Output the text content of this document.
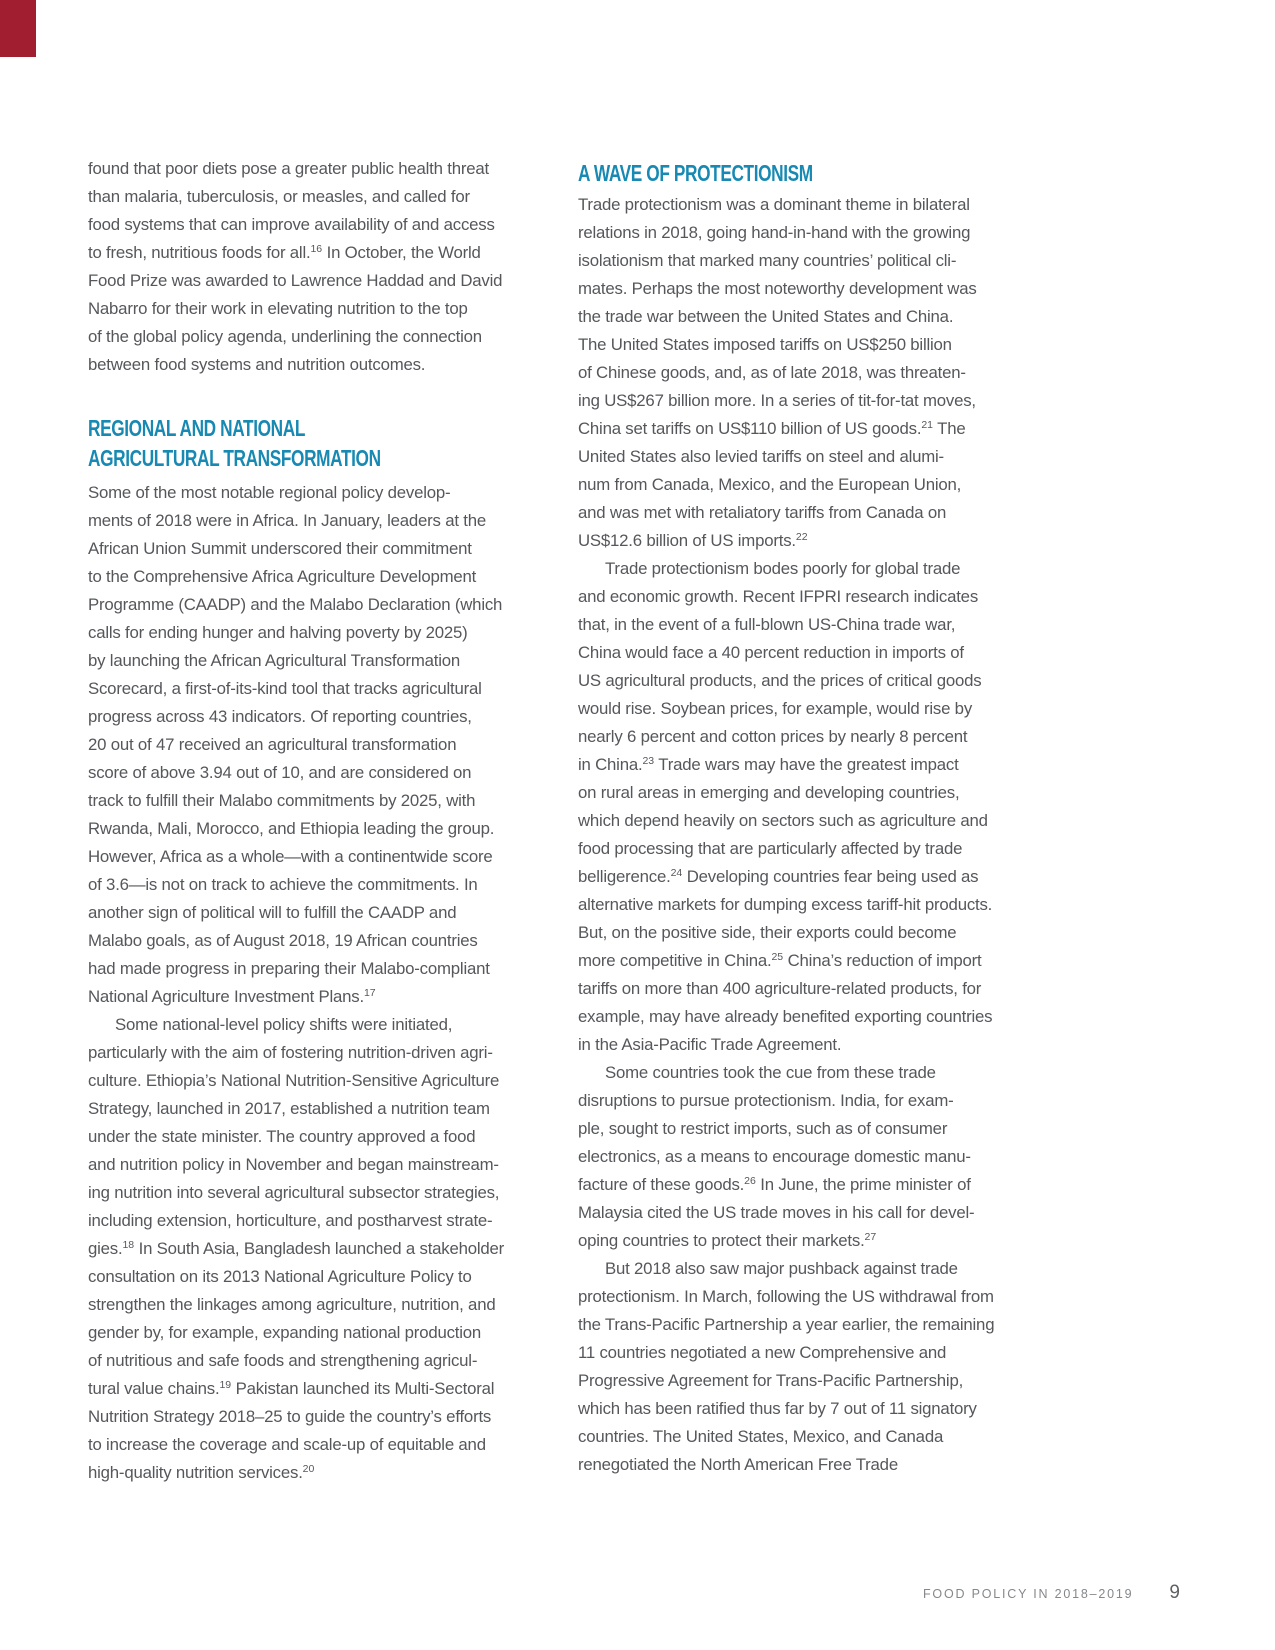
found that poor diets pose a greater public health threat
than malaria, tuberculosis, or measles, and called for
food systems that can improve availability of and access
to fresh, nutritious foods for all.$^{16}$ In October, the World
Food Prize was awarded to Lawrence Haddad and David
Nabarro for their work in elevating nutrition to the top
of the global policy agenda, underlining the connection
between food systems and nutrition outcomes.
REGIONAL AND NATIONAL
AGRICULTURAL TRANSFORMATION
Some of the most notable regional policy develop-
ments of 2018 were in Africa. In January, leaders at the
African Union Summit underscored their commitment
to the Comprehensive Africa Agriculture Development
Programme (CAADP) and the Malabo Declaration (which
calls for ending hunger and halving poverty by 2025)
by launching the African Agricultural Transformation
Scorecard, a first-of-its-kind tool that tracks agricultural
progress across 43 indicators. Of reporting countries,
20 out of 47 received an agricultural transformation
score of above 3.94 out of 10, and are considered on
track to fulfill their Malabo commitments by 2025, with
Rwanda, Mali, Morocco, and Ethiopia leading the group.
However, Africa as a whole—with a continentwide score
of 3.6—is not on track to achieve the commitments. In
another sign of political will to fulfill the CAADP and
Malabo goals, as of August 2018, 19 African countries
had made progress in preparing their Malabo-compliant
National Agriculture Investment Plans.$^{17}$
Some national-level policy shifts were initiated,
particularly with the aim of fostering nutrition-driven agri-
culture. Ethiopia’s National Nutrition-Sensitive Agriculture
Strategy, launched in 2017, established a nutrition team
under the state minister. The country approved a food
and nutrition policy in November and began mainstream-
ing nutrition into several agricultural subsector strategies,
including extension, horticulture, and postharvest strate-
gies.$^{18}$ In South Asia, Bangladesh launched a stakeholder
consultation on its 2013 National Agriculture Policy to
strengthen the linkages among agriculture, nutrition, and
gender by, for example, expanding national production
of nutritious and safe foods and strengthening agricul-
tural value chains.$^{19}$ Pakistan launched its Multi-Sectoral
Nutrition Strategy 2018–25 to guide the country’s efforts
to increase the coverage and scale-up of equitable and
high-quality nutrition services.$^{20}$
A WAVE OF PROTECTIONISM
Trade protectionism was a dominant theme in bilateral
relations in 2018, going hand-in-hand with the growing
isolationism that marked many countries’ political cli-
mates. Perhaps the most noteworthy development was
the trade war between the United States and China.
The United States imposed tariffs on US$250 billion
of Chinese goods, and, as of late 2018, was threaten-
ing US$267 billion more. In a series of tit-for-tat moves,
China set tariffs on US$110 billion of US goods.$^{21}$ The
United States also levied tariffs on steel and alumi-
num from Canada, Mexico, and the European Union,
and was met with retaliatory tariffs from Canada on
US$12.6 billion of US imports.$^{22}$
Trade protectionism bodes poorly for global trade
and economic growth. Recent IFPRI research indicates
that, in the event of a full-blown US-China trade war,
China would face a 40 percent reduction in imports of
US agricultural products, and the prices of critical goods
would rise. Soybean prices, for example, would rise by
nearly 6 percent and cotton prices by nearly 8 percent
in China.$^{23}$ Trade wars may have the greatest impact
on rural areas in emerging and developing countries,
which depend heavily on sectors such as agriculture and
food processing that are particularly affected by trade
belligerence.$^{24}$ Developing countries fear being used as
alternative markets for dumping excess tariff-hit products.
But, on the positive side, their exports could become
more competitive in China.$^{25}$ China’s reduction of import
tariffs on more than 400 agriculture-related products, for
example, may have already benefited exporting countries
in the Asia-Pacific Trade Agreement.
Some countries took the cue from these trade
disruptions to pursue protectionism. India, for exam-
ple, sought to restrict imports, such as of consumer
electronics, as a means to encourage domestic manu-
facture of these goods.$^{26}$ In June, the prime minister of
Malaysia cited the US trade moves in his call for devel-
oping countries to protect their markets.$^{27}$
But 2018 also saw major pushback against trade
protectionism. In March, following the US withdrawal from
the Trans-Pacific Partnership a year earlier, the remaining
11 countries negotiated a new Comprehensive and
Progressive Agreement for Trans-Pacific Partnership,
which has been ratified thus far by 7 out of 11 signatory
countries. The United States, Mexico, and Canada
renegotiated the North American Free Trade
FOOD POLICY IN 2018–2019 9
